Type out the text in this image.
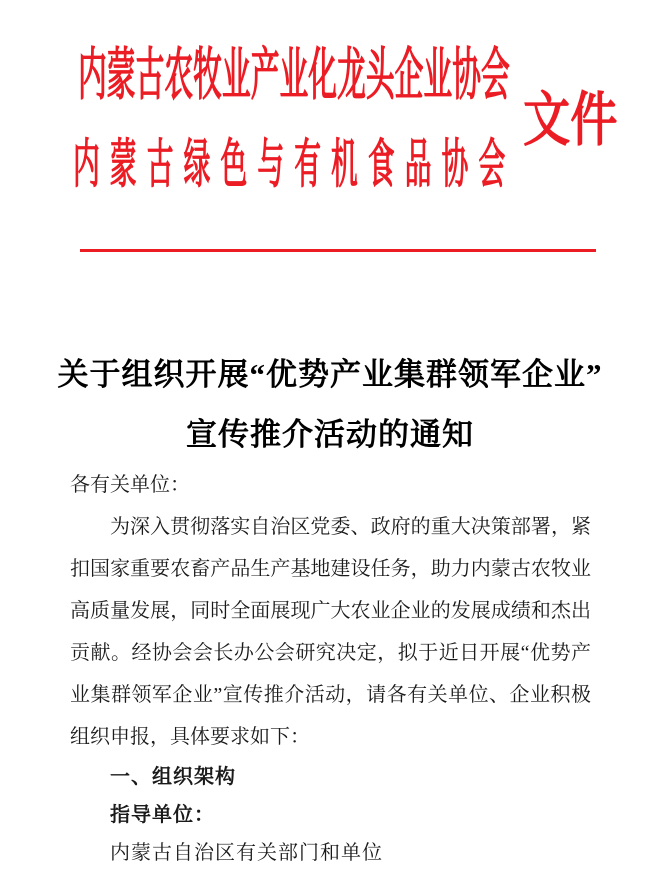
内蒙古农牧业产业化龙头企业协会
内蒙古绿色与有机食品协会
文件
关于组织开展“优势产业集群领军企业”
宣传推介活动的通知
各有关单位：
为深入贯彻落实自治区党委、政府的重大决策部署，紧
扣国家重要农畜产品生产基地建设任务，助力内蒙古农牧业
高质量发展，同时全面展现广大农业企业的发展成绩和杰出
贡献。经协会会长办公会研究决定，拟于近日开展“优势产
业集群领军企业”宣传推介活动，请各有关单位、企业积极
组织申报，具体要求如下：
一、组织架构
指导单位：
内蒙古自治区有关部门和单位
